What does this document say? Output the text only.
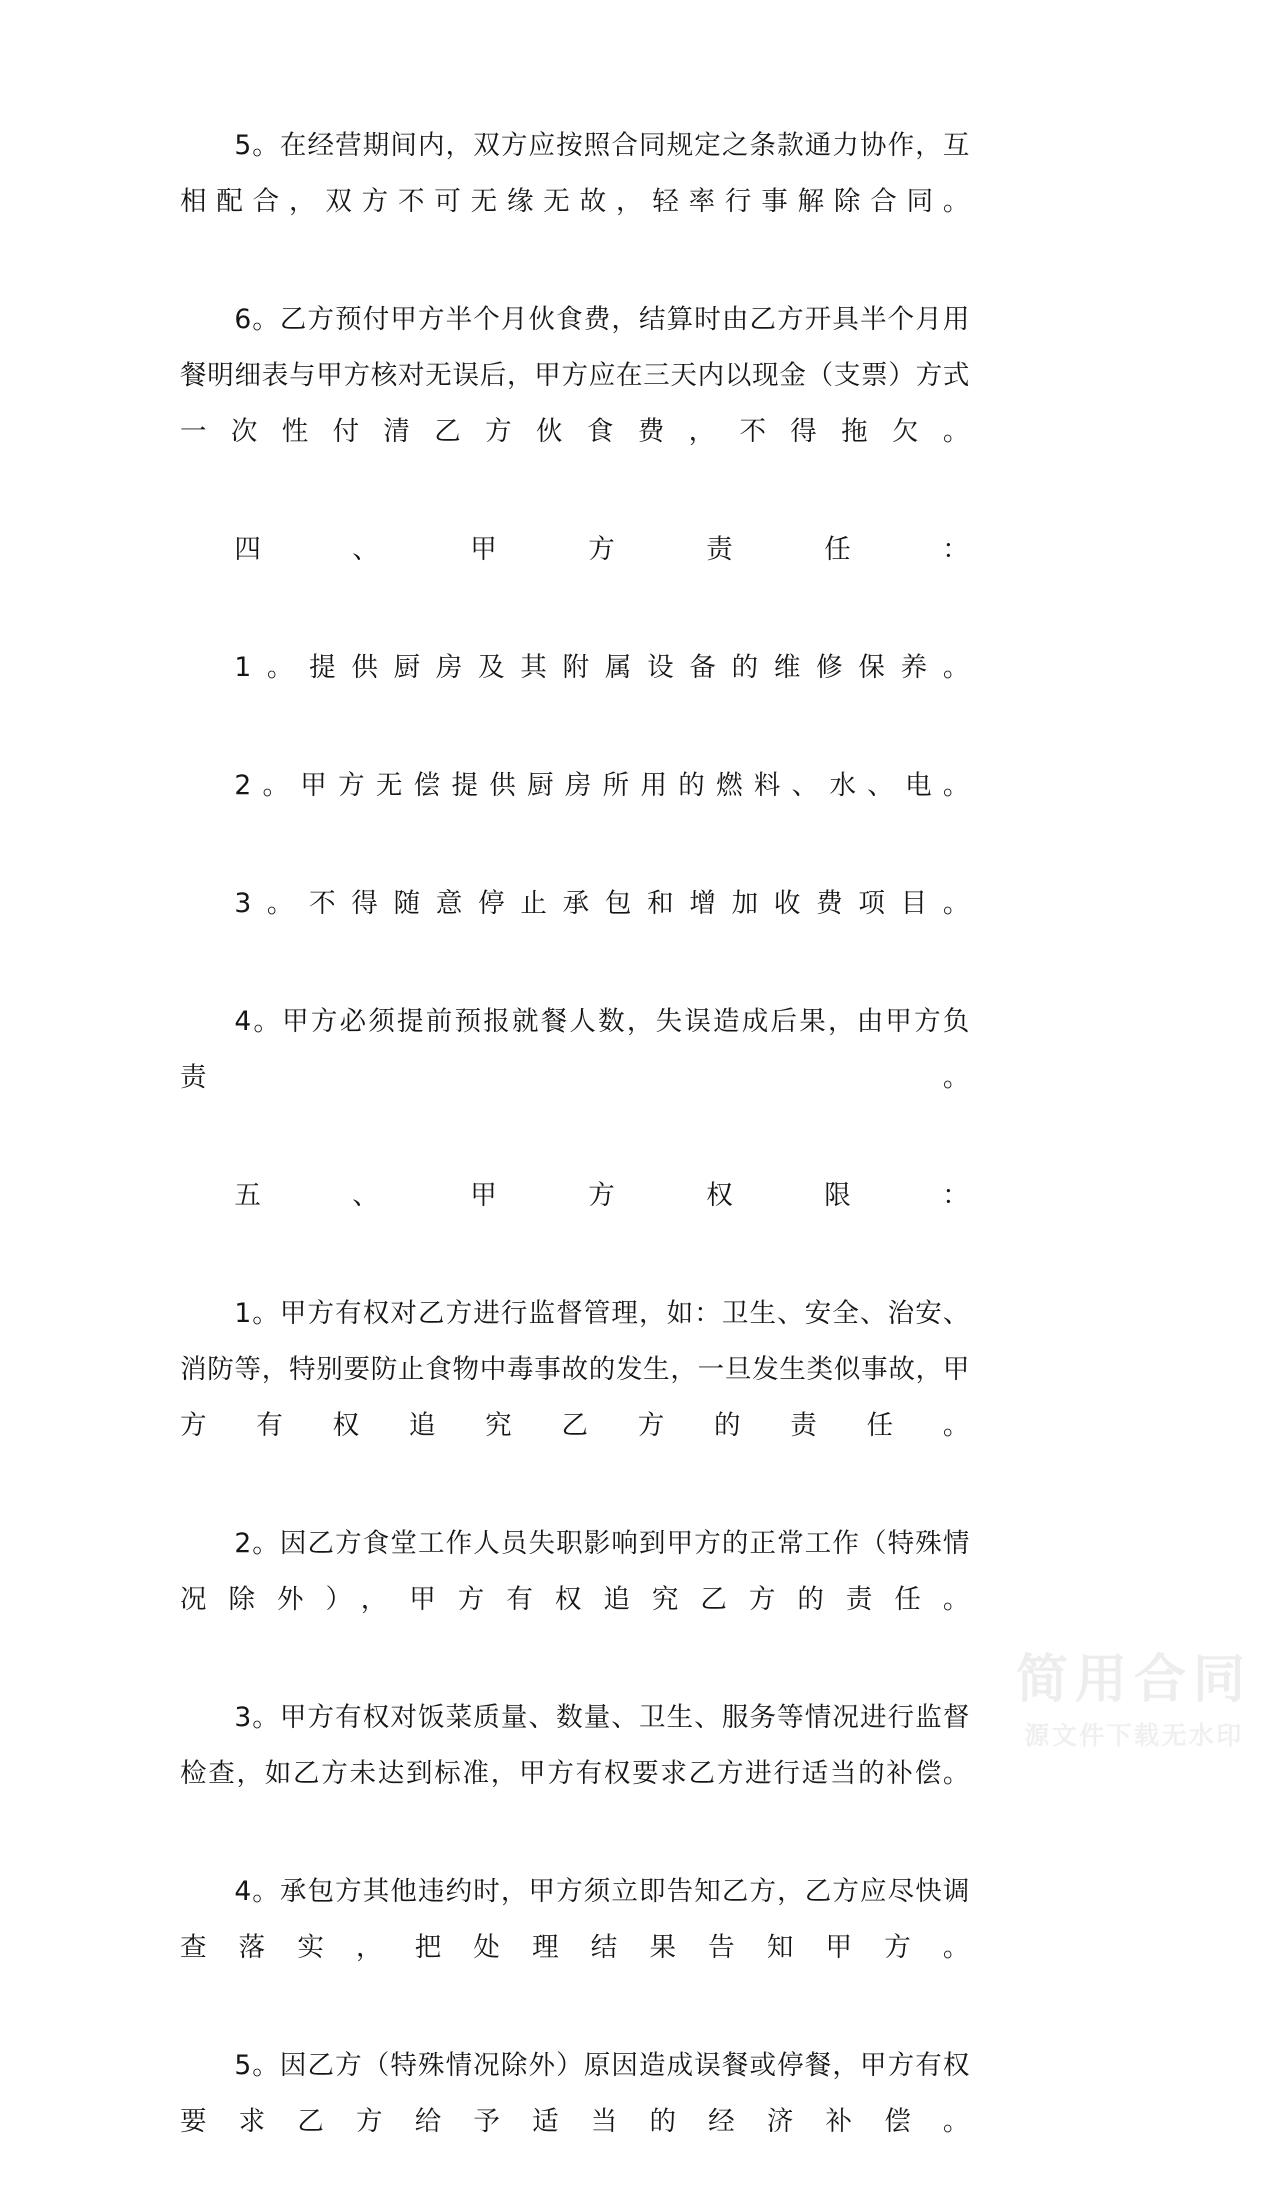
5。在经营期间内，双方应按照合同规定之条款通力协作，互相配合，双方不可无缘无故，轻率行事解除合同。

6。乙方预付甲方半个月伙食费，结算时由乙方开具半个月用餐明细表与甲方核对无误后，甲方应在三天内以现金（支票）方式一次性付清乙方伙食费，不得拖欠。

四、甲方责任：

1。提供厨房及其附属设备的维修保养。

2。甲方无偿提供厨房所用的燃料、水、电。

3。不得随意停止承包和增加收费项目。

4。甲方必须提前预报就餐人数，失误造成后果，由甲方负责。

五、甲方权限：

1。甲方有权对乙方进行监督管理，如：卫生、安全、治安、消防等，特别要防止食物中毒事故的发生，一旦发生类似事故，甲方有权追究乙方的责任。

2。因乙方食堂工作人员失职影响到甲方的正常工作（特殊情况除外），甲方有权追究乙方的责任。

3。甲方有权对饭菜质量、数量、卫生、服务等情况进行监督检查，如乙方未达到标准，甲方有权要求乙方进行适当的补偿。

4。承包方其他违约时，甲方须立即告知乙方，乙方应尽快调查落实，把处理结果告知甲方。

5。因乙方（特殊情况除外）原因造成误餐或停餐，甲方有权要求乙方给予适当的经济补偿。

简用合同
源文件下载无水印
